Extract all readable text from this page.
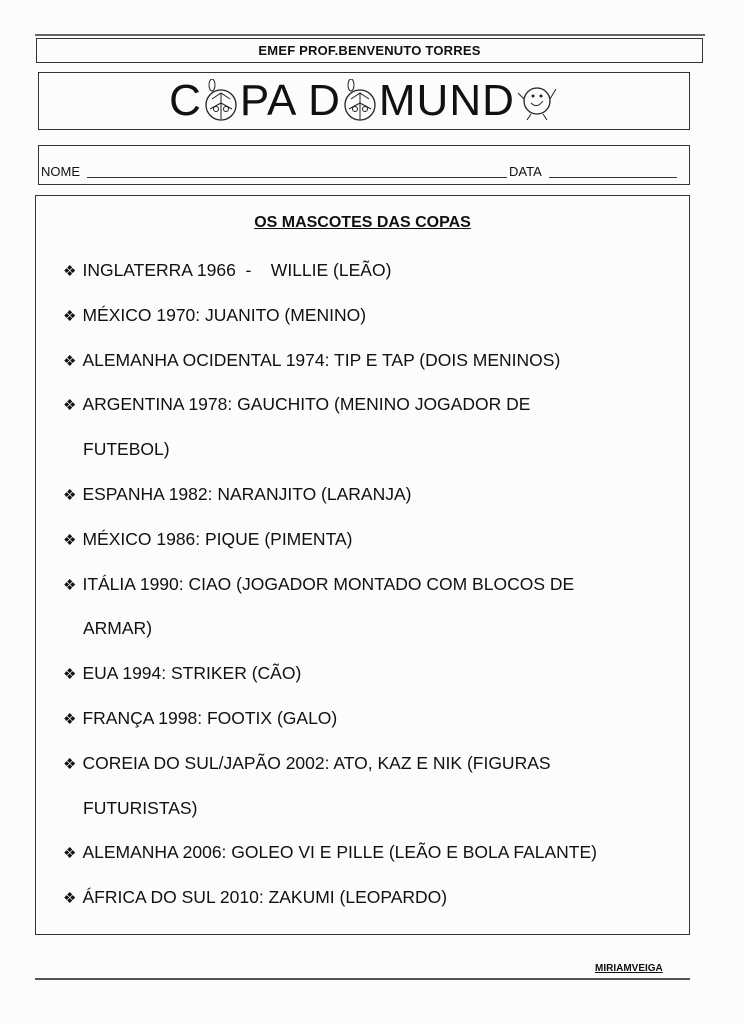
EMEF PROF.BENVENUTO TORRES
C PA D MUND
NOME	DATA
OS MASCOTES DAS COPAS
❖ INGLATERRA 1966  -    WILLIE (LEÃO)
❖ MÉXICO 1970: JUANITO (MENINO)
❖ ALEMANHA OCIDENTAL 1974: TIP E TAP (DOIS MENINOS)
❖ ARGENTINA 1978: GAUCHITO (MENINO JOGADOR DE
FUTEBOL)
❖ ESPANHA 1982: NARANJITO (LARANJA)
❖ MÉXICO 1986: PIQUE (PIMENTA)
❖ ITÁLIA 1990: CIAO (JOGADOR MONTADO COM BLOCOS DE
ARMAR)
❖ EUA 1994: STRIKER (CÃO)
❖ FRANÇA 1998: FOOTIX (GALO)
❖ COREIA DO SUL/JAPÃO 2002: ATO, KAZ E NIK (FIGURAS
FUTURISTAS)
❖ ALEMANHA 2006: GOLEO VI E PILLE (LEÃO E BOLA FALANTE)
❖ ÁFRICA DO SUL 2010: ZAKUMI (LEOPARDO)
MIRIAMVEIGA
